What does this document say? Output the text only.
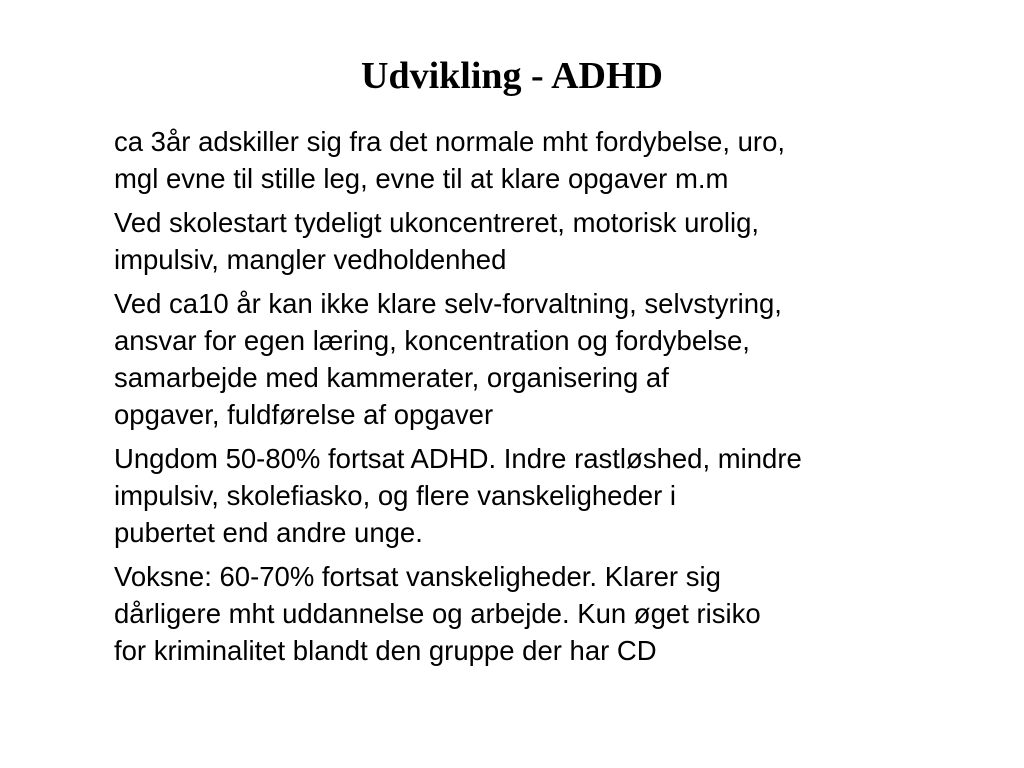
Udvikling - ADHD
ca 3år adskiller sig fra det normale mht fordybelse, uro,
mgl evne til stille leg, evne til at klare opgaver m.m
Ved skolestart tydeligt ukoncentreret, motorisk urolig,
impulsiv, mangler vedholdenhed
Ved ca10 år kan ikke klare selv-forvaltning, selvstyring,
ansvar for egen læring, koncentration og fordybelse,
samarbejde med kammerater, organisering af
opgaver, fuldførelse af opgaver
Ungdom 50-80% fortsat ADHD. Indre rastløshed, mindre
impulsiv, skolefiasko, og flere vanskeligheder i
pubertet end andre unge.
Voksne: 60-70% fortsat vanskeligheder. Klarer sig
dårligere mht uddannelse og arbejde. Kun øget risiko
for kriminalitet blandt den gruppe der har CD
